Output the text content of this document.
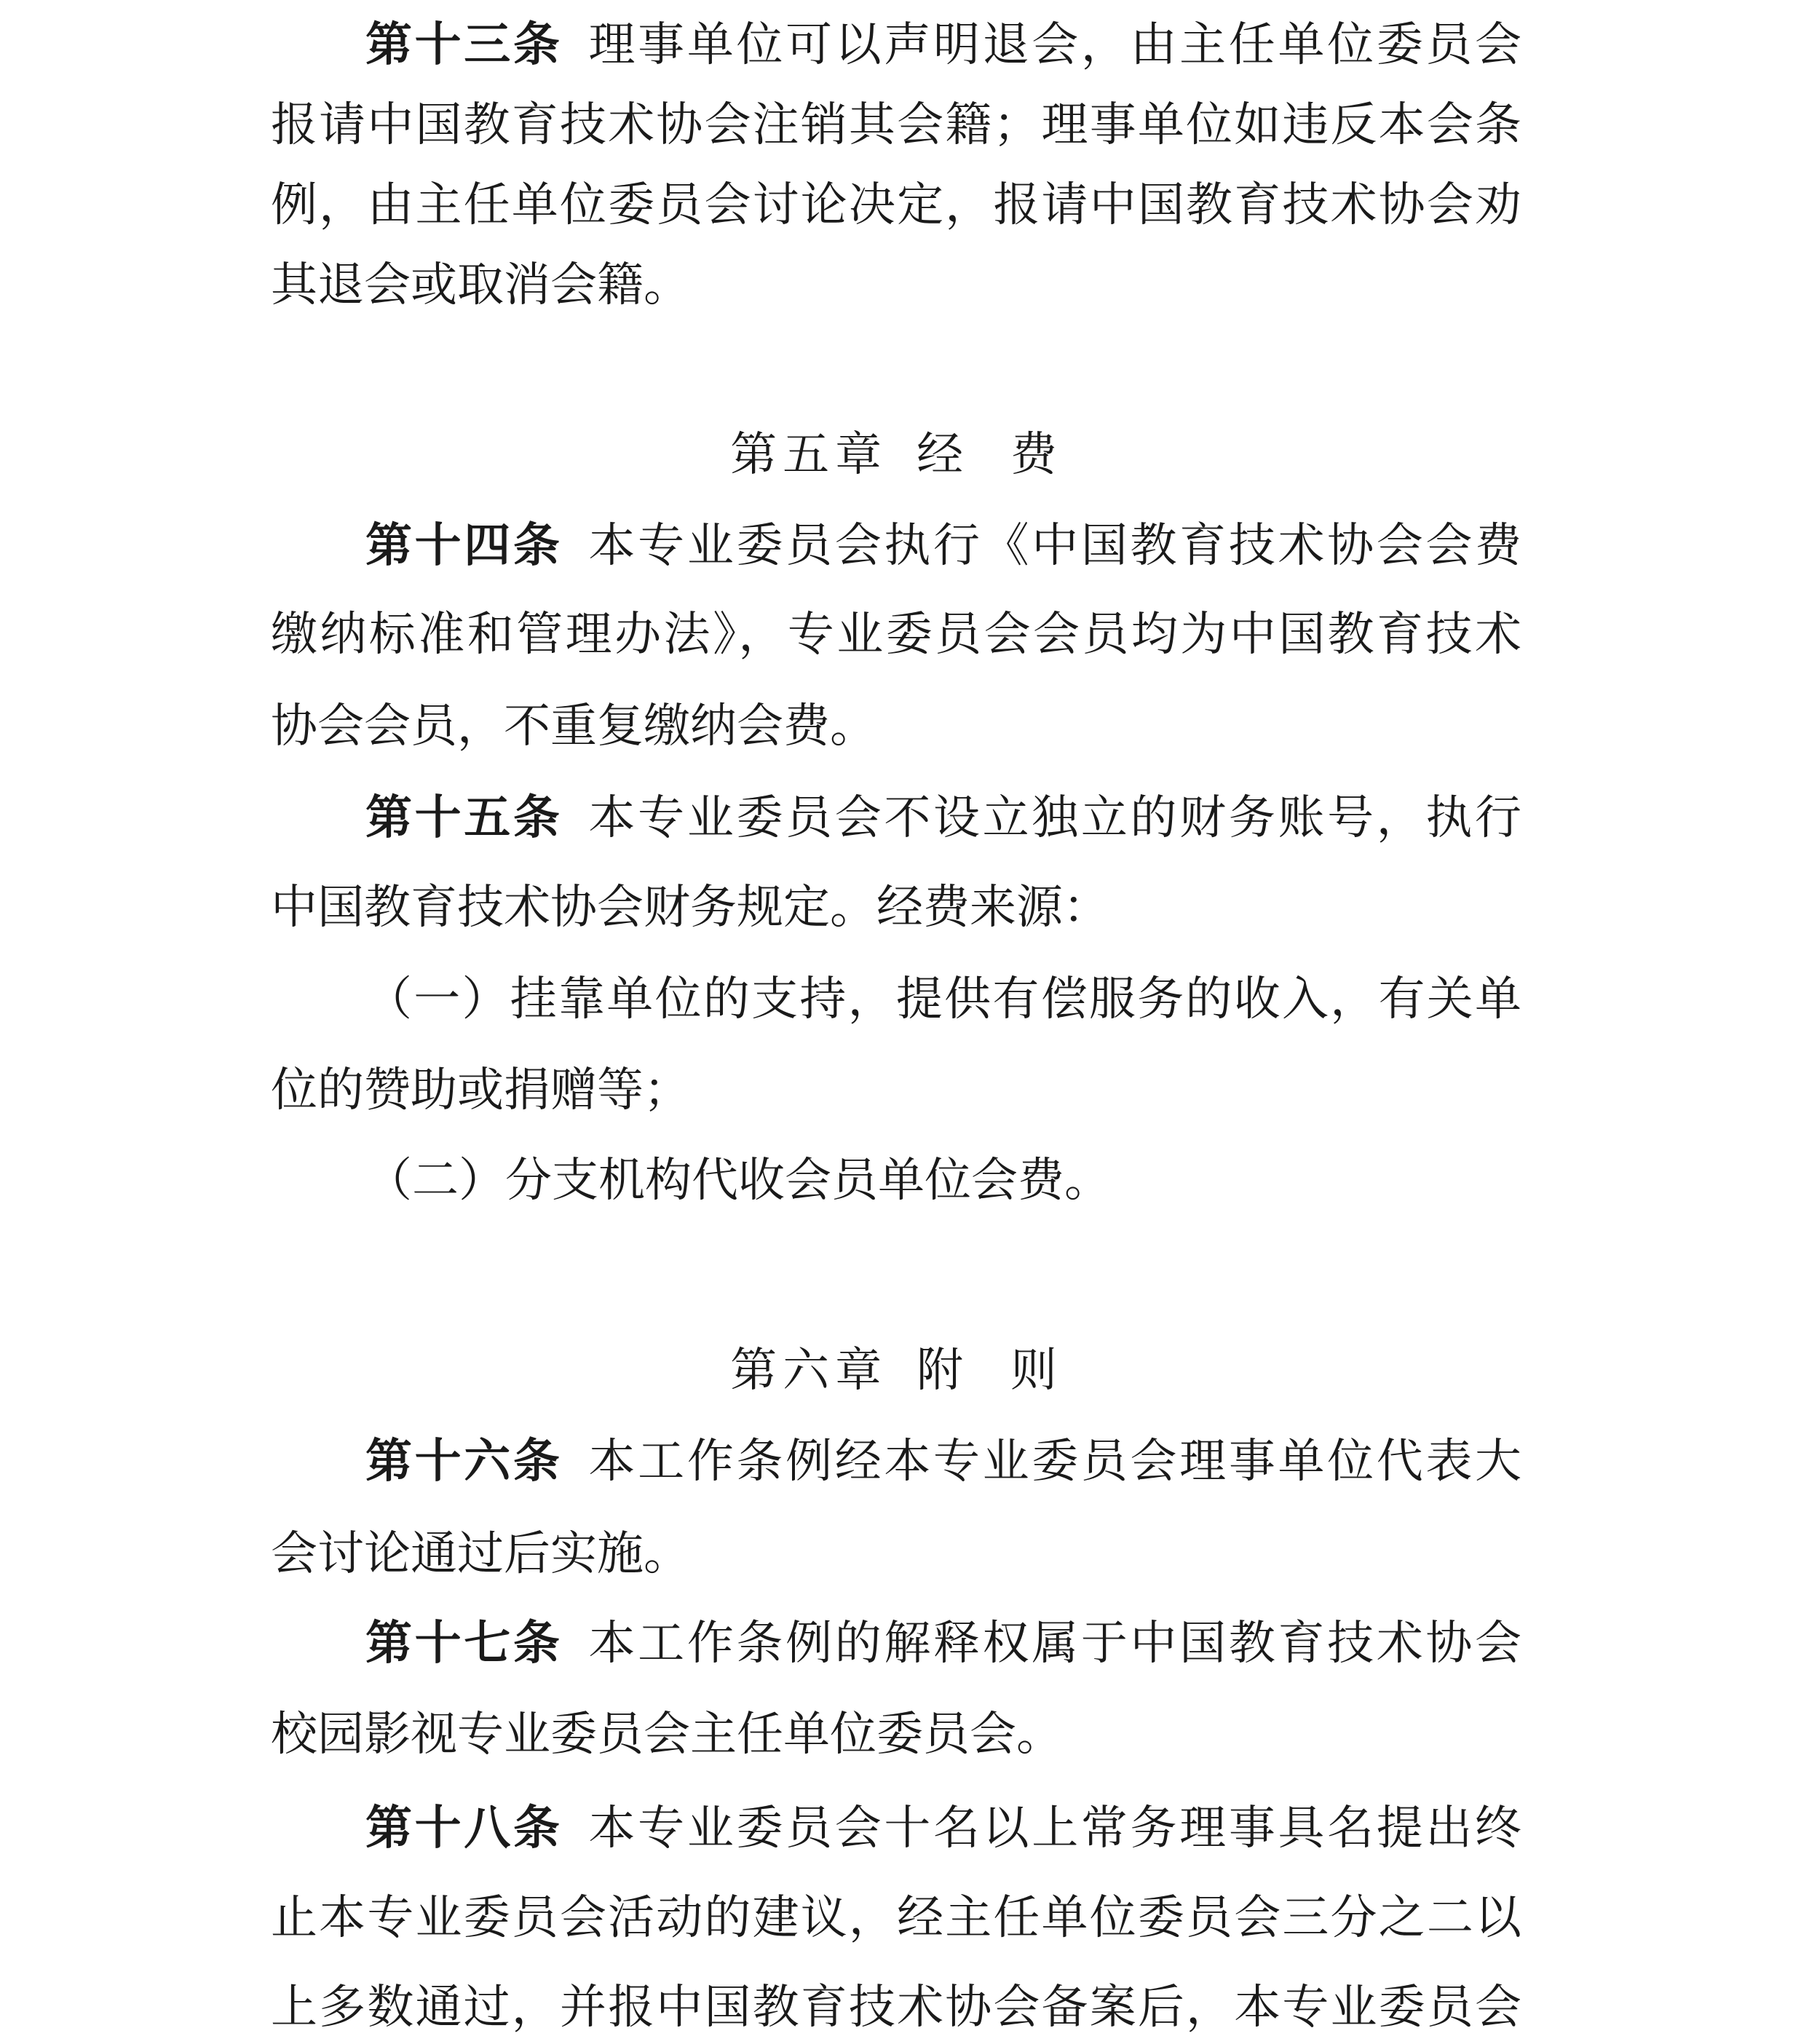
第十三条 理事单位可以声明退会，由主任单位委员会
报请中国教育技术协会注销其会籍；理事单位如违反本会条
例，由主任单位委员会讨论决定，报请中国教育技术协会劝
其退会或取消会籍。
第五章 经  费
第十四条 本专业委员会执行《中国教育技术协会会费
缴纳标准和管理办法》，专业委员会会员均为中国教育技术
协会会员，不重复缴纳会费。
第十五条 本专业委员会不设立独立的财务账号，执行
中国教育技术协会财务规定。经费来源：
（一）挂靠单位的支持，提供有偿服务的收入，有关单
位的赞助或捐赠等；
（二）分支机构代收会员单位会费。
第六章 附  则
第十六条 本工作条例经本专业委员会理事单位代表大
会讨论通过后实施。
第十七条 本工作条例的解释权属于中国教育技术协会
校园影视专业委员会主任单位委员会。
第十八条 本专业委员会十名以上常务理事具名提出终
止本专业委员会活动的建议，经主任单位委员会三分之二以
上多数通过，并报中国教育技术协会备案后，本专业委员会
